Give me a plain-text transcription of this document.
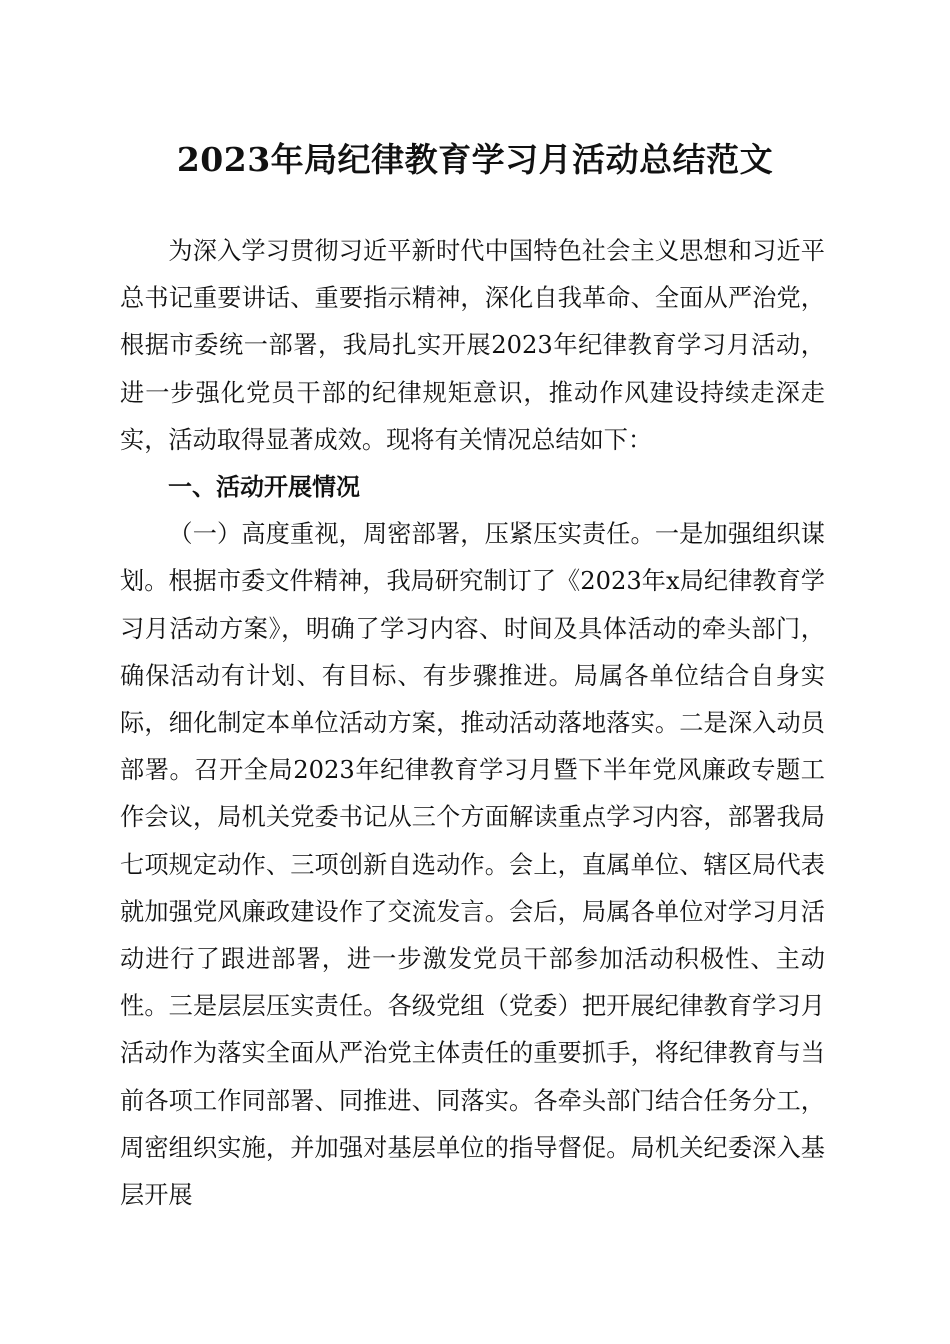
2023年局纪律教育学习月活动总结范文

为深入学习贯彻习近平新时代中国特色社会主义思想和习近平总书记重要讲话、重要指示精神，深化自我革命、全面从严治党，根据市委统一部署，我局扎实开展2023年纪律教育学习月活动，进一步强化党员干部的纪律规矩意识，推动作风建设持续走深走实，活动取得显著成效。现将有关情况总结如下：

一、活动开展情况

（一）高度重视，周密部署，压紧压实责任。一是加强组织谋划。根据市委文件精神，我局研究制订了《2023年x局纪律教育学习月活动方案》，明确了学习内容、时间及具体活动的牵头部门，确保活动有计划、有目标、有步骤推进。局属各单位结合自身实际，细化制定本单位活动方案，推动活动落地落实。二是深入动员部署。召开全局2023年纪律教育学习月暨下半年党风廉政专题工作会议，局机关党委书记从三个方面解读重点学习内容，部署我局七项规定动作、三项创新自选动作。会上，直属单位、辖区局代表就加强党风廉政建设作了交流发言。会后，局属各单位对学习月活动进行了跟进部署，进一步激发党员干部参加活动积极性、主动性。三是层层压实责任。各级党组（党委）把开展纪律教育学习月活动作为落实全面从严治党主体责任的重要抓手，将纪律教育与当前各项工作同部署、同推进、同落实。各牵头部门结合任务分工，周密组织实施，并加强对基层单位的指导督促。局机关纪委深入基层开展
